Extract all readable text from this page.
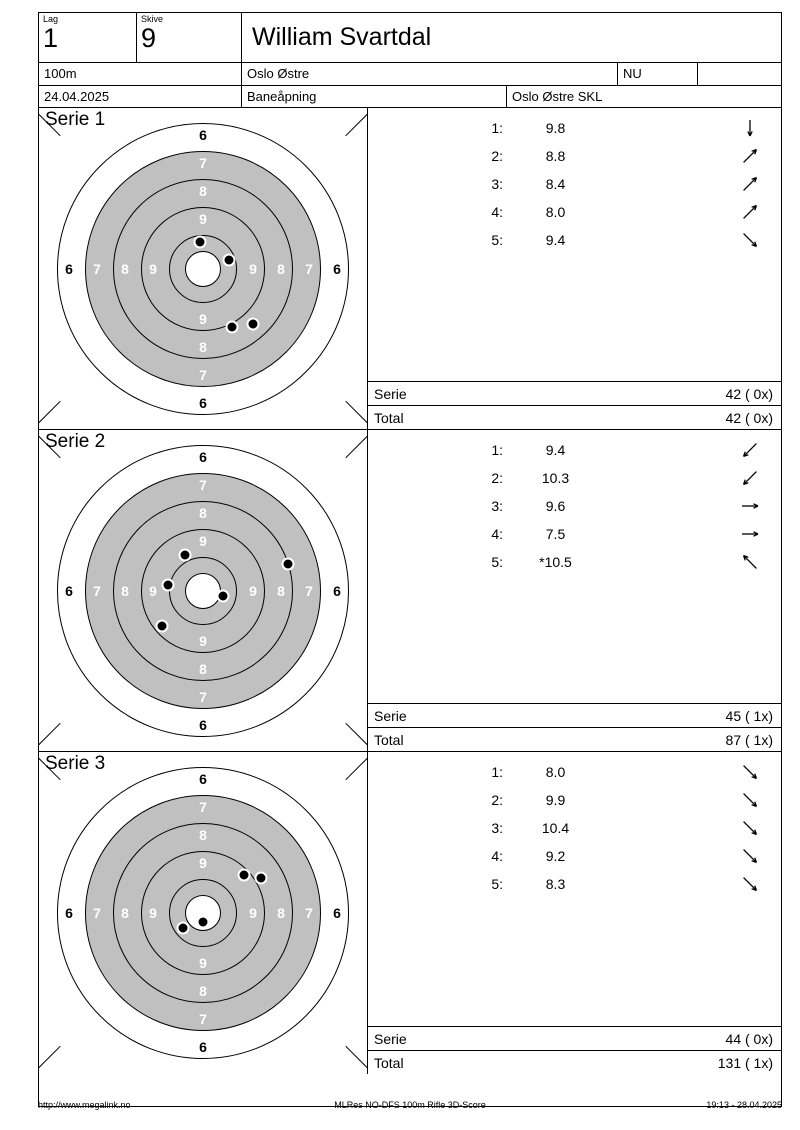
Lag
1
Skive
9	William Svartdal
100m	Oslo Østre	NU
24.04.2025	Baneåpning	Oslo Østre SKL
Serie 1
6
6
6	6
7
7
7	7
8
8
8	8
9
9
9	9
1:	9.8
2:	8.8
3:	8.4
4:	8.0
5:	9.4
Serie	42 ( 0x)
Total	42 ( 0x)
Serie 2
6
6
6	6
7
7
7	7
8
8
8	8
9
9
9	9
1:	9.4
2:	10.3
3:	9.6
4:	7.5
5:	*10.5
Serie	45 ( 1x)
Total	87 ( 1x)
Serie 3
6
6
6	6
7
7
7	7
8
8
8	8
9
9
9	9
1:	8.0
2:	9.9
3:	10.4
4:	9.2
5:	8.3
Serie	44 ( 0x)
Total	131 ( 1x)
http://www.megalink.no	MLRes NO-DFS 100m Rifle 3D-Score	19:13 - 28.04.2025
